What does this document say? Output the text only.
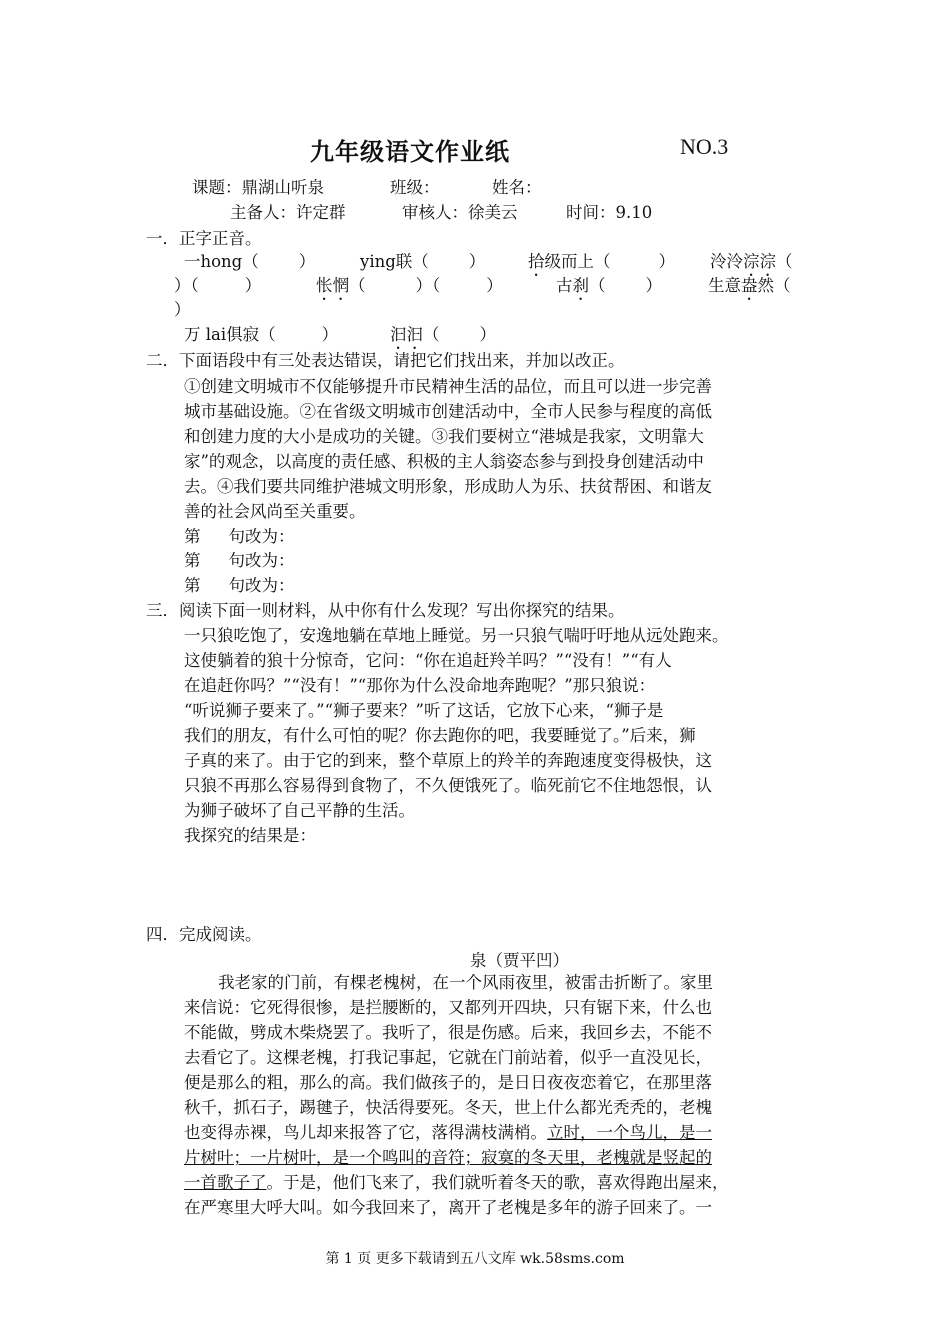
九年级语文作业纸	NO.3
课题：鼎湖山听泉	班级：	姓名：
主备人：许定群	审核人：徐美云	时间：9.10
一．正字正音。
一hong（ ）	ying联（ ）	拾级而上（	） 泠泠淙淙（
）（	）	怅惘（	）（	）	古刹（ ）	生意盎然（
）
万 lai俱寂（	）	汩汩（ ）
二．下面语段中有三处表达错误，请把它们找出来，并加以改正。
①创建文明城市不仅能够提升市民精神生活的品位，而且可以进一步完善
城市基础设施。②在省级文明城市创建活动中，全市人民参与程度的高低
和创建力度的大小是成功的关键。③我们要树立“港城是我家，文明靠大
家”的观念，以高度的责任感、积极的主人翁姿态参与到投身创建活动中
去。④我们要共同维护港城文明形象，形成助人为乐、扶贫帮困、和谐友
善的社会风尚至关重要。
第 句改为：
第 句改为：
第 句改为：
三．阅读下面一则材料，从中你有什么发现？写出你探究的结果。
一只狼吃饱了，安逸地躺在草地上睡觉。另一只狼气喘吁吁地从远处跑来。
这使躺着的狼十分惊奇，它问：“你在追赶羚羊吗？”“没有！”“有人
在追赶你吗？”“没有！”“那你为什么没命地奔跑呢？”那只狼说：
“听说狮子要来了。”“狮子要来？”听了这话，它放下心来，“狮子是
我们的朋友，有什么可怕的呢？你去跑你的吧，我要睡觉了。”后来，狮
子真的来了。由于它的到来，整个草原上的羚羊的奔跑速度变得极快，这
只狼不再那么容易得到食物了，不久便饿死了。临死前它不住地怨恨，认
为狮子破坏了自己平静的生活。
我探究的结果是：
四．完成阅读。
泉（贾平凹）
我老家的门前，有棵老槐树，在一个风雨夜里，被雷击折断了。家里
来信说：它死得很惨，是拦腰断的，又都列开四块，只有锯下来，什么也
不能做，劈成木柴烧罢了。我听了，很是伤感。后来，我回乡去，不能不
去看它了。这棵老槐，打我记事起，它就在门前站着，似乎一直没见长，
便是那么的粗，那么的高。我们做孩子的，是日日夜夜恋着它，在那里落
秋千，抓石子，踢毽子，快活得要死。冬天，世上什么都光秃秃的，老槐
也变得赤裸，鸟儿却来报答了它，落得满枝满梢。立时，一个鸟儿，是一
片树叶；一片树叶，是一个鸣叫的音符；寂寞的冬天里，老槐就是竖起的
一首歌子了。于是，他们飞来了，我们就听着冬天的歌，喜欢得跑出屋来，
在严寒里大呼大叫。如今我回来了，离开了老槐是多年的游子回来了。一
第 1 页 更多下载请到五八文库 wk.58sms.com
